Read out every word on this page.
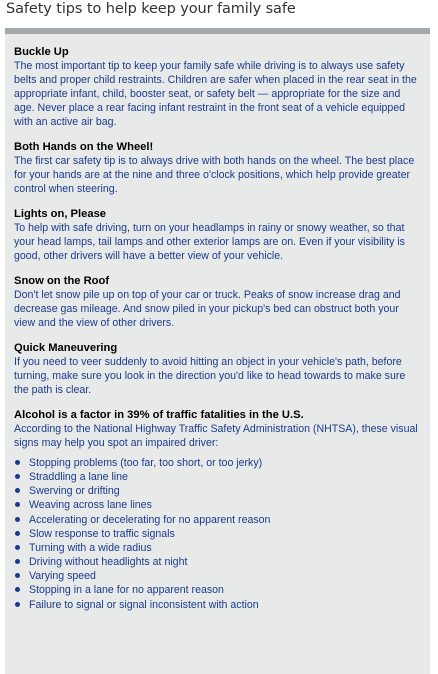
Safety tips to help keep your family safe
Buckle Up
The most important tip to keep your family safe while driving is to always use safety belts and proper child restraints. Children are safer when placed in the rear seat in the appropriate infant, child, booster seat, or safety belt — appropriate for the size and age. Never place a rear facing infant restraint in the front seat of a vehicle equipped with an active air bag.
Both Hands on the Wheel!
The first car safety tip is to always drive with both hands on the wheel. The best place for your hands are at the nine and three o'clock positions, which help provide greater control when steering.
Lights on, Please
To help with safe driving, turn on your headlamps in rainy or snowy weather, so that your head lamps, tail lamps and other exterior lamps are on. Even if your visibility is good, other drivers will have a better view of your vehicle.
Snow on the Roof
Don't let snow pile up on top of your car or truck. Peaks of snow increase drag and decrease gas mileage. And snow piled in your pickup's bed can obstruct both your view and the view of other drivers.
Quick Maneuvering
If you need to veer suddenly to avoid hitting an object in your vehicle's path, before turning, make sure you look in the direction you'd like to head towards to make sure the path is clear.
Alcohol is a factor in 39% of traffic fatalities in the U.S.
According to the National Highway Traffic Safety Administration (NHTSA), these visual signs may help you spot an impaired driver:
Stopping problems (too far, too short, or too jerky)
Straddling a lane line
Swerving or drifting
Weaving across lane lines
Accelerating or decelerating for no apparent reason
Slow response to traffic signals
Turning with a wide radius
Driving without headlights at night
Varying speed
Stopping in a lane for no apparent reason
Failure to signal or signal inconsistent with action
